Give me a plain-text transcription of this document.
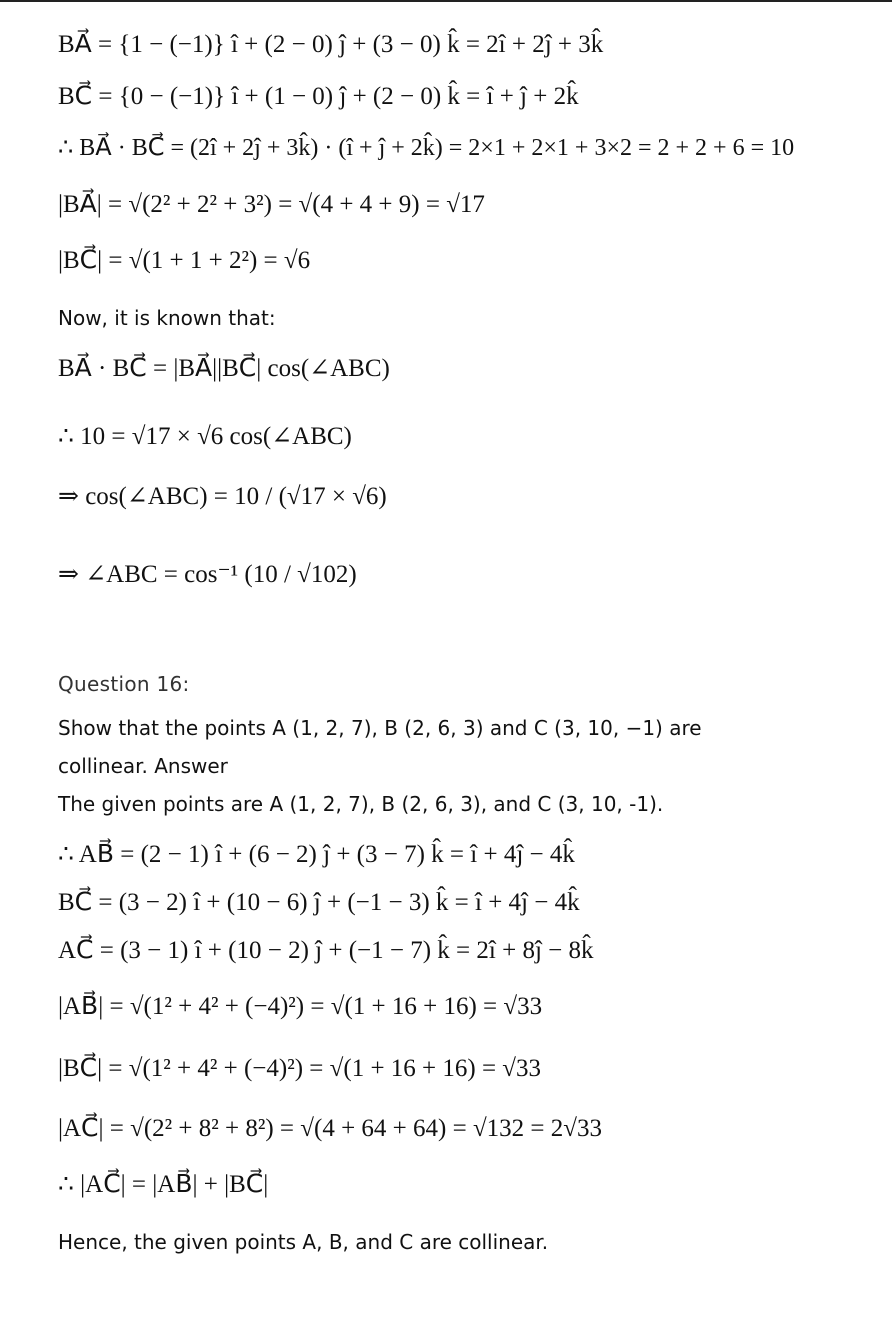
BA⃗ = {1 − (−1)} î + (2 − 0) ĵ + (3 − 0) k̂ = 2î + 2ĵ + 3k̂
BC⃗ = {0 − (−1)} î + (1 − 0) ĵ + (2 − 0) k̂ = î + ĵ + 2k̂
∴ BA⃗ · BC⃗ = (2î + 2ĵ + 3k̂) · (î + ĵ + 2k̂) = 2×1 + 2×1 + 3×2 = 2 + 2 + 6 = 10
|BA⃗| = √(2² + 2² + 3²) = √(4 + 4 + 9) = √17
|BC⃗| = √(1 + 1 + 2²) = √6
Now, it is known that:
BA⃗ · BC⃗ = |BA⃗||BC⃗| cos(∠ABC)
∴ 10 = √17 × √6 cos(∠ABC)
⇒ cos(∠ABC) = 10 / (√17 × √6)
⇒ ∠ABC = cos⁻¹ (10 / √102)
Question 16:
Show that the points A (1, 2, 7), B (2, 6, 3) and C (3, 10, −1) are
collinear. Answer
The given points are A (1, 2, 7), B (2, 6, 3), and C (3, 10, -1).
∴ AB⃗ = (2 − 1) î + (6 − 2) ĵ + (3 − 7) k̂ = î + 4ĵ − 4k̂
BC⃗ = (3 − 2) î + (10 − 6) ĵ + (−1 − 3) k̂ = î + 4ĵ − 4k̂
AC⃗ = (3 − 1) î + (10 − 2) ĵ + (−1 − 7) k̂ = 2î + 8ĵ − 8k̂
|AB⃗| = √(1² + 4² + (−4)²) = √(1 + 16 + 16) = √33
|BC⃗| = √(1² + 4² + (−4)²) = √(1 + 16 + 16) = √33
|AC⃗| = √(2² + 8² + 8²) = √(4 + 64 + 64) = √132 = 2√33
∴ |AC⃗| = |AB⃗| + |BC⃗|
Hence, the given points A, B, and C are collinear.
